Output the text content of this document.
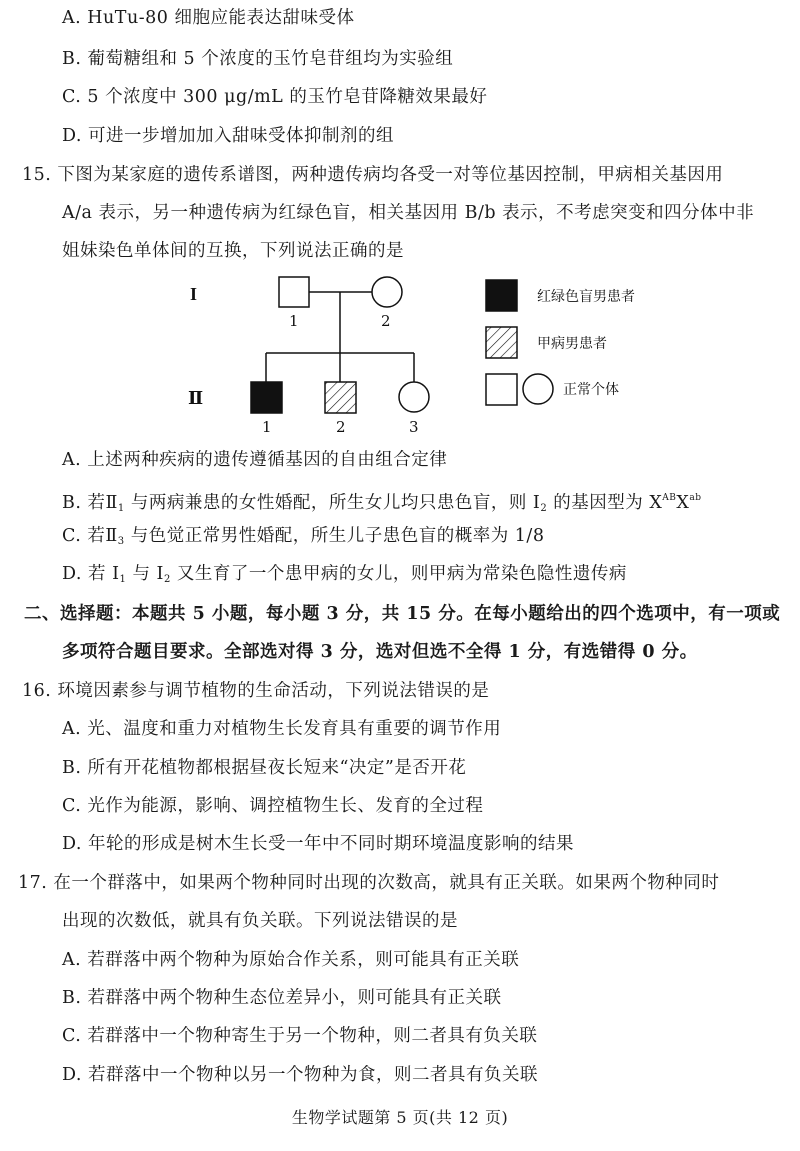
A. HuTu-80 细胞应能表达甜味受体
B. 葡萄糖组和 5 个浓度的玉竹皂苷组均为实验组
C. 5 个浓度中 300 μg/mL 的玉竹皂苷降糖效果最好
D. 可进一步增加加入甜味受体抑制剂的组
15. 下图为某家庭的遗传系谱图，两种遗传病均各受一对等位基因控制，甲病相关基因用
A/a 表示，另一种遗传病为红绿色盲，相关基因用 B/b 表示，不考虑突变和四分体中非
姐妹染色单体间的互换，下列说法正确的是
I
Ⅱ
1	2
1	2	3
红绿色盲男患者
甲病男患者
正常个体
A. 上述两种疾病的遗传遵循基因的自由组合定律
B. 若$Ⅱ_1$ 与两病兼患的女性婚配，所生女儿均只患色盲，则 $Ⅰ_2$ 的基因型为 $X^{AB}X^{ab}$
C. 若$Ⅱ_3$ 与色觉正常男性婚配，所生儿子患色盲的概率为 1/8
D. 若 $Ⅰ_1$ 与 $Ⅰ_2$ 又生育了一个患甲病的女儿，则甲病为常染色隐性遗传病
二、选择题：本题共 5 小题，每小题 3 分，共 15 分。在每小题给出的四个选项中，有一项或
多项符合题目要求。全部选对得 3 分，选对但选不全得 1 分，有选错得 0 分。
16. 环境因素参与调节植物的生命活动，下列说法错误的是
A. 光、温度和重力对植物生长发育具有重要的调节作用
B. 所有开花植物都根据昼夜长短来“决定”是否开花
C. 光作为能源，影响、调控植物生长、发育的全过程
D. 年轮的形成是树木生长受一年中不同时期环境温度影响的结果
17. 在一个群落中，如果两个物种同时出现的次数高，就具有正关联。如果两个物种同时
出现的次数低，就具有负关联。下列说法错误的是
A. 若群落中两个物种为原始合作关系，则可能具有正关联
B. 若群落中两个物种生态位差异小，则可能具有正关联
C. 若群落中一个物种寄生于另一个物种，则二者具有负关联
D. 若群落中一个物种以另一个物种为食，则二者具有负关联
生物学试题第 5 页(共 12 页)
